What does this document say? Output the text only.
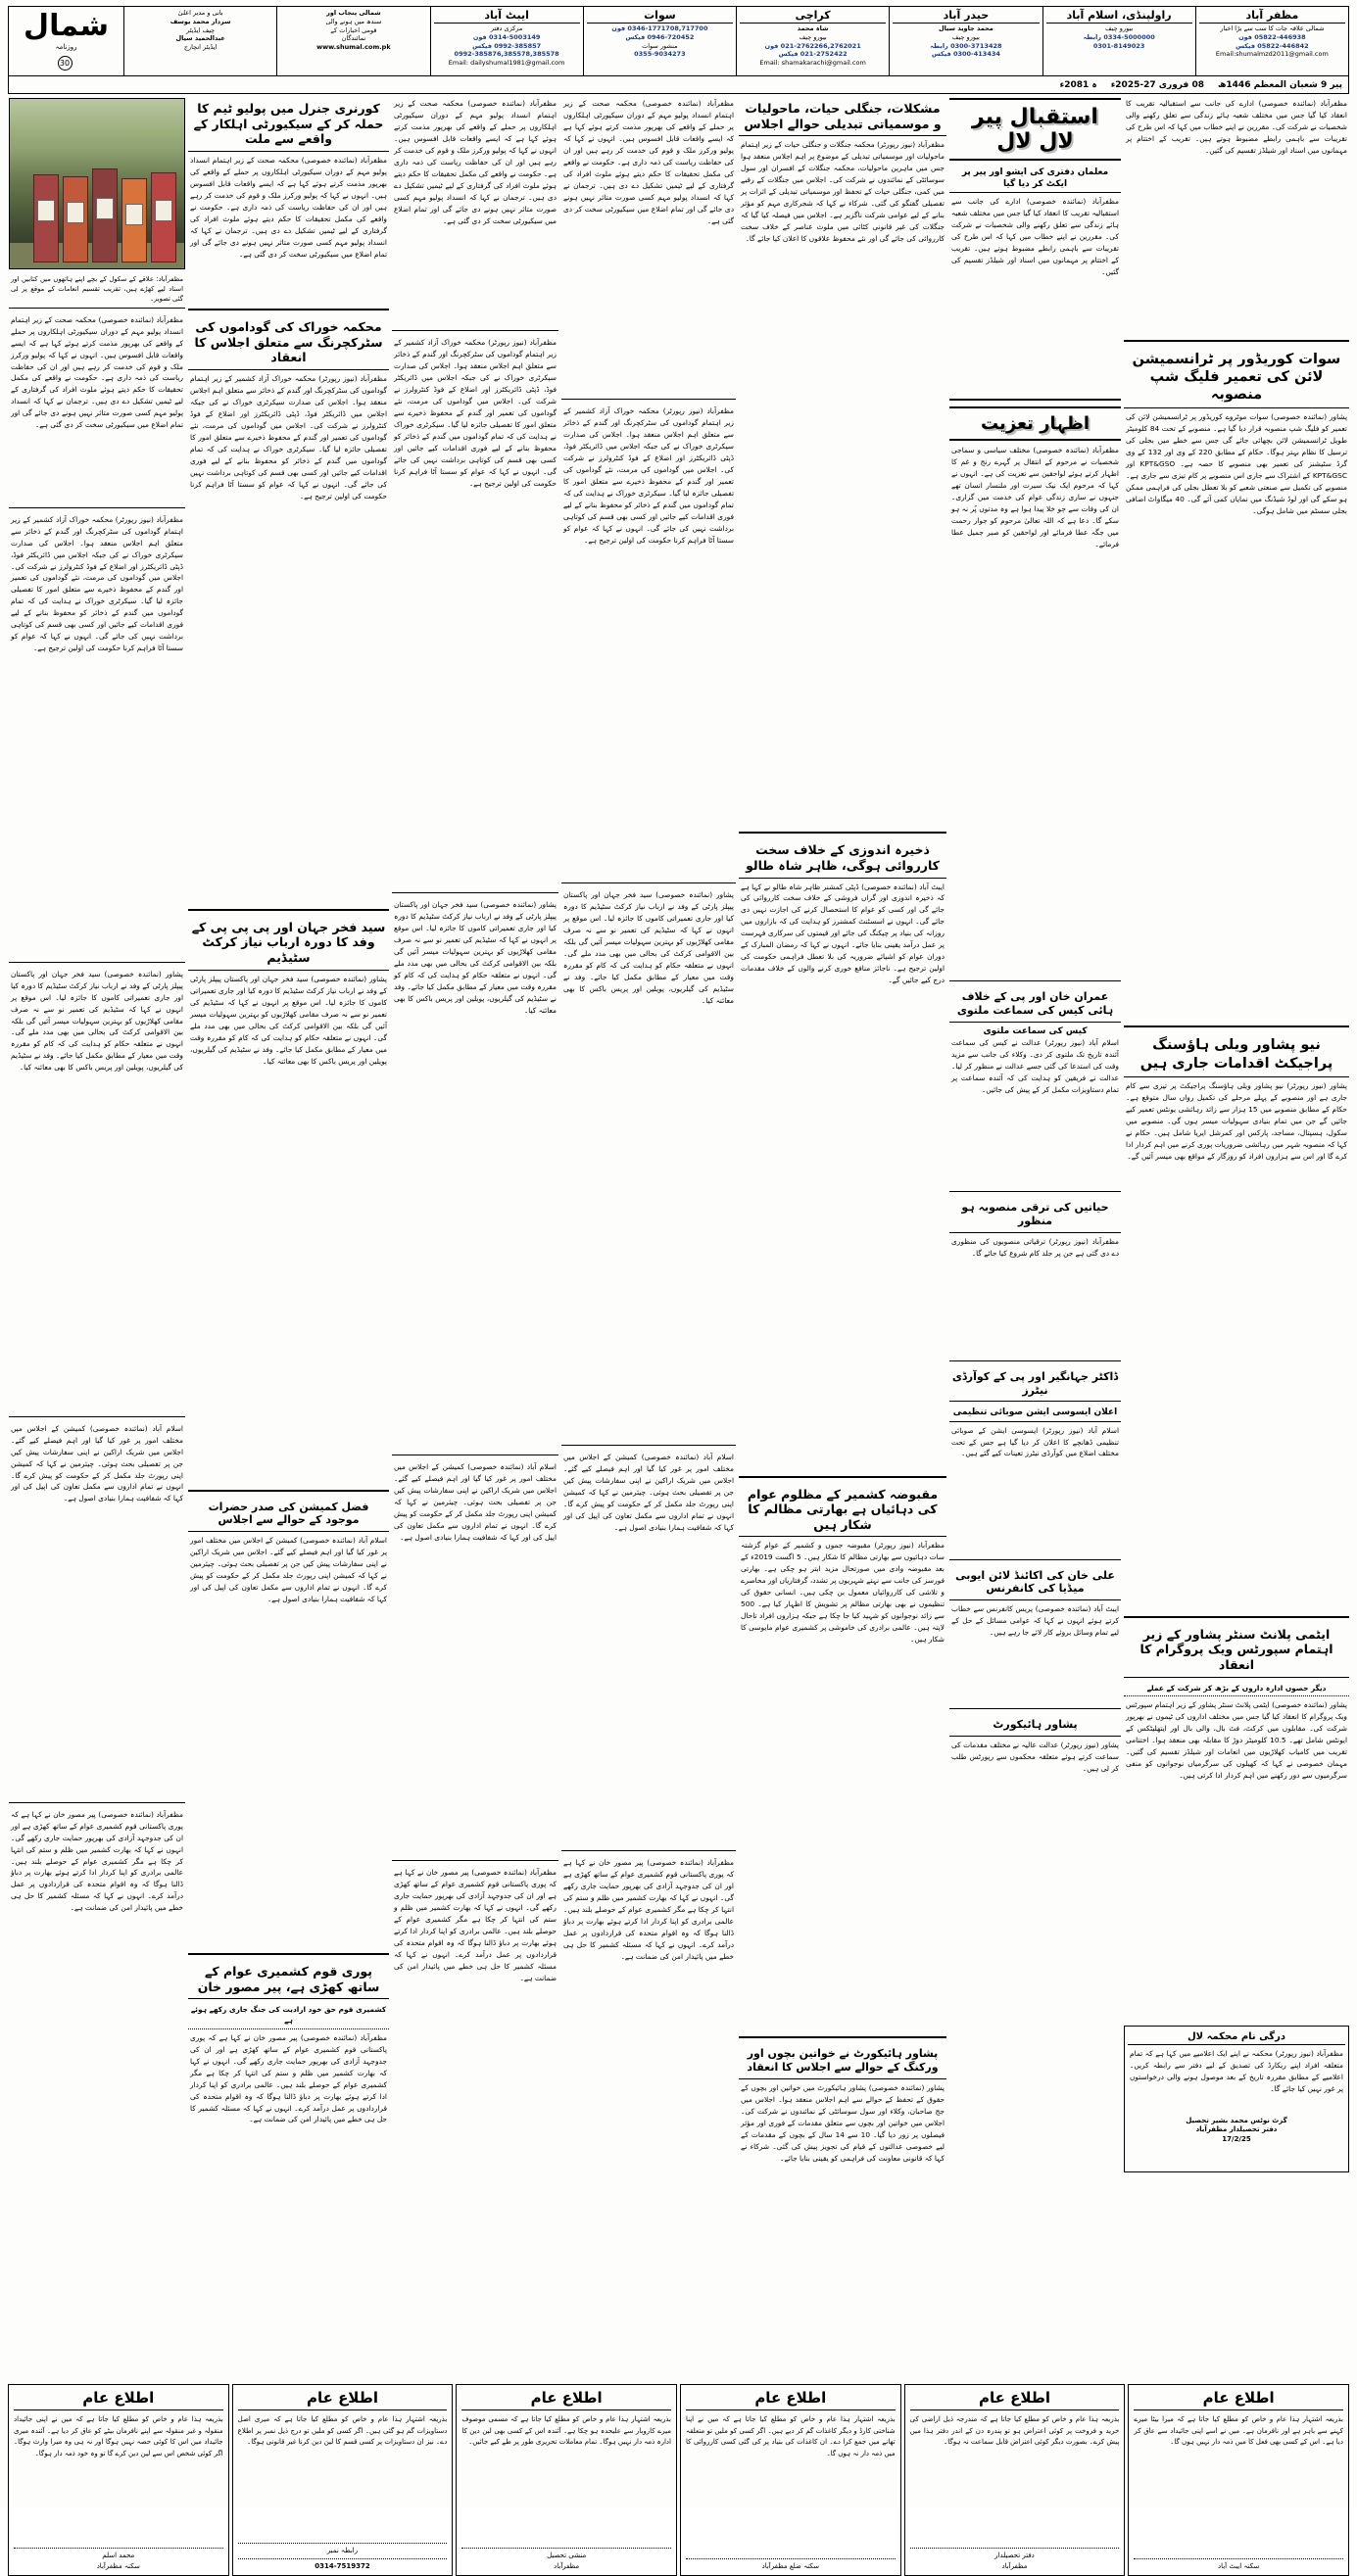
مظفر آباد
شمالی علاقہ جات کا سب سے بڑا اخبار
05822-446938 فون
05822-446842 فیکس
Email:shumalmzd2011@gmail.com
راولپنڈی، اسلام آباد
بیورو چیف
0334-5000000 رابطہ
0301-8149023
حیدر آباد
محمد جاوید سیال
بیورو چیف
0300-3713428 رابطہ
0300-413434 فیکس
کراچی
شاہ محمد
بیورو چیف
021-2762266,2762021 فون
021-2752422 فیکس
Email: shamakarachi@gmail.com
سوات
0346-1771708,717700 فون
0946-720452 فیکس
منشور سوات
0355-9034273
ایبٹ آباد
مرکزی دفتر
0314-5003149 فون
0992-385857 فیکس
0992-385876,385578,385578
Email: dailyshumal1981@gmail.com
شمالی پنجاب اور
سندھ میں ہونے والی
قومی اخبارات کے
نمائندگان
www.shumal.com.pk
بانی و مدیر اعلیٰ
سردار محمد یوسف
چیف ایڈیٹر
عبدالحمید سیال
ایڈیٹر انچارج
شمال
روزنامہ
30
پیر 9 شعبان المعظم 1446ھ
08 فروری 27-2025ء
ہ 2081ء
مظفرآباد (نمائندہ خصوصی) ادارے کی جانب سے استقبالیہ تقریب کا انعقاد کیا گیا جس میں مختلف شعبہ ہائے زندگی سے تعلق رکھنے والی شخصیات نے شرکت کی۔ مقررین نے اپنے خطاب میں کہا کہ اس طرح کی تقریبات سے باہمی رابطے مضبوط ہوتے ہیں۔ تقریب کے اختتام پر مہمانوں میں اسناد اور شیلڈز تقسیم کی گئیں۔
سوات کوریڈور پر ٹرانسمیشن لائن کی تعمیر فلیگ شپ منصوبہ
پشاور (نمائندہ خصوصی) سوات موٹروے کوریڈور پر ٹرانسمیشن لائن کی تعمیر کو فلیگ شپ منصوبہ قرار دیا گیا ہے۔ منصوبے کے تحت 84 کلومیٹر طویل ٹرانسمیشن لائن بچھائی جائے گی جس سے خطے میں بجلی کی ترسیل کا نظام بہتر ہوگا۔ حکام کے مطابق 220 کے وی اور 132 کے وی گرڈ سٹیشنز کی تعمیر بھی منصوبے کا حصہ ہے۔ KPT&GSO اور KPT&GSC کے اشتراک سے جاری اس منصوبے پر کام تیزی سے جاری ہے۔ منصوبے کی تکمیل سے صنعتی شعبے کو بلا تعطل بجلی کی فراہمی ممکن ہو سکے گی اور لوڈ شیڈنگ میں نمایاں کمی آئے گی۔ 40 میگاواٹ اضافی بجلی سسٹم میں شامل ہوگی۔
نیو پشاور ویلی ہاؤسنگ پراجیکٹ اقدامات جاری ہیں
پشاور (نیوز رپورٹر) نیو پشاور ویلی ہاؤسنگ پراجیکٹ پر تیزی سے کام جاری ہے اور منصوبے کے پہلے مرحلے کی تکمیل رواں سال متوقع ہے۔ حکام کے مطابق منصوبے میں 15 ہزار سے زائد رہائشی یونٹس تعمیر کیے جائیں گے جن میں تمام بنیادی سہولیات میسر ہوں گی۔ منصوبے میں سکول، ہسپتال، مساجد، پارکس اور کمرشل ایریا شامل ہیں۔ حکام نے کہا کہ منصوبہ شہر میں رہائشی ضروریات پوری کرنے میں اہم کردار ادا کرے گا اور اس سے ہزاروں افراد کو روزگار کے مواقع بھی میسر آئیں گے۔
ایٹمی پلانٹ سنٹر پشاور کے زیر اہتمام سپورٹس ویک پروگرام کا انعقاد
دیگر حصوں ادارہ داروں کے بڑھ کر شرکت کے عملے
پشاور (نمائندہ خصوصی) ایٹمی پلانٹ سنٹر پشاور کے زیر اہتمام سپورٹس ویک پروگرام کا انعقاد کیا گیا جس میں مختلف اداروں کی ٹیموں نے بھرپور شرکت کی۔ مقابلوں میں کرکٹ، فٹ بال، والی بال اور ایتھلیٹکس کے ایونٹس شامل تھے۔ 10.5 کلومیٹر دوڑ کا مقابلہ بھی منعقد ہوا۔ اختتامی تقریب میں کامیاب کھلاڑیوں میں انعامات اور شیلڈز تقسیم کی گئیں۔ مہمان خصوصی نے کہا کہ کھیلوں کی سرگرمیاں نوجوانوں کو منفی سرگرمیوں سے دور رکھنے میں اہم کردار ادا کرتی ہیں۔
درگی نام محکمہ لال
مظفرآباد (نیوز رپورٹر) محکمہ نے اپنے ایک اعلامیے میں کہا ہے کہ تمام متعلقہ افراد اپنے ریکارڈ کی تصدیق کے لیے دفتر سے رابطہ کریں۔ اعلامیے کے مطابق مقررہ تاریخ کے بعد موصول ہونے والی درخواستوں پر غور نہیں کیا جائے گا۔
گزٹ نوٹس محمد بشیر تحصیل
دفتر تحصیلدار مظفرآباد
17/2/25
استقبال پیر لال لال
معلمان دفتری کی ایشو اور پیر پر ایکٹ کر دیا گیا
مظفرآباد (نمائندہ خصوصی) ادارے کی جانب سے استقبالیہ تقریب کا انعقاد کیا گیا جس میں مختلف شعبہ ہائے زندگی سے تعلق رکھنے والی شخصیات نے شرکت کی۔ مقررین نے اپنے خطاب میں کہا کہ اس طرح کی تقریبات سے باہمی رابطے مضبوط ہوتے ہیں۔ تقریب کے اختتام پر مہمانوں میں اسناد اور شیلڈز تقسیم کی گئیں۔
اظہار تعزیت
مظفرآباد (نمائندہ خصوصی) مختلف سیاسی و سماجی شخصیات نے مرحوم کے انتقال پر گہرے رنج و غم کا اظہار کرتے ہوئے لواحقین سے تعزیت کی ہے۔ انہوں نے کہا کہ مرحوم ایک نیک سیرت اور ملنسار انسان تھے جنہوں نے ساری زندگی عوام کی خدمت میں گزاری۔ ان کی وفات سے جو خلا پیدا ہوا ہے وہ مدتوں پُر نہ ہو سکے گا۔ دعا ہے کہ اللہ تعالیٰ مرحوم کو جوار رحمت میں جگہ عطا فرمائے اور لواحقین کو صبر جمیل عطا فرمائے۔
عمران خان اور پی کے خلاف ہائی کیس کی سماعت ملتوی
کیس کی سماعت ملتوی
اسلام آباد (نیوز رپورٹر) عدالت نے کیس کی سماعت آئندہ تاریخ تک ملتوی کر دی۔ وکلاء کی جانب سے مزید وقت کی استدعا کی گئی جسے عدالت نے منظور کر لیا۔ عدالت نے فریقین کو ہدایت کی کہ آئندہ سماعت پر تمام دستاویزات مکمل کر کے پیش کی جائیں۔
حیاتیں کی ترقی منصوبہ ہو منظور
مظفرآباد (نیوز رپورٹر) ترقیاتی منصوبوں کی منظوری دے دی گئی ہے جن پر جلد کام شروع کیا جائے گا۔
ڈاکٹر جہانگیر اور پی کے کوآرڈی نیٹرز
اعلان ایسوسی ایشن صوبائی تنظیمی
اسلام آباد (نیوز رپورٹر) ایسوسی ایشن کے صوبائی تنظیمی ڈھانچے کا اعلان کر دیا گیا ہے جس کے تحت مختلف اضلاع میں کوآرڈی نیٹرز تعینات کیے گئے ہیں۔
علی خان کی اکائنڈ لائن ایوبی میڈیا کی کانفرنس
ایبٹ آباد (نمائندہ خصوصی) پریس کانفرنس سے خطاب کرتے ہوئے انہوں نے کہا کہ عوامی مسائل کے حل کے لیے تمام وسائل بروئے کار لائے جا رہے ہیں۔
پشاور ہائیکورٹ
پشاور (نیوز رپورٹر) عدالت عالیہ نے مختلف مقدمات کی سماعت کرتے ہوئے متعلقہ محکموں سے رپورٹس طلب کر لی ہیں۔
مشکلات، جنگلی حیات، ماحولیات و موسمیاتی تبدیلی حوالے اجلاس
مظفرآباد (نیوز رپورٹر) محکمہ جنگلات و جنگلی حیات کے زیر اہتمام ماحولیات اور موسمیاتی تبدیلی کے موضوع پر اہم اجلاس منعقد ہوا جس میں ماہرین ماحولیات، محکمہ جنگلات کے افسران اور سول سوسائٹی کے نمائندوں نے شرکت کی۔ اجلاس میں جنگلات کے رقبے میں کمی، جنگلی حیات کے تحفظ اور موسمیاتی تبدیلی کے اثرات پر تفصیلی گفتگو کی گئی۔ شرکاء نے کہا کہ شجرکاری مہم کو مؤثر بنانے کے لیے عوامی شرکت ناگزیر ہے۔ اجلاس میں فیصلہ کیا گیا کہ جنگلات کی غیر قانونی کٹائی میں ملوث عناصر کے خلاف سخت کارروائی کی جائے گی اور نئے محفوظ علاقوں کا اعلان کیا جائے گا۔
ذخیرہ اندوزی کے خلاف سخت کارروائی ہوگی، ظاہر شاہ طالو
ایبٹ آباد (نمائندہ خصوصی) ڈپٹی کمشنر ظاہر شاہ طالو نے کہا ہے کہ ذخیرہ اندوزی اور گراں فروشی کے خلاف سخت کارروائی کی جائے گی اور کسی کو عوام کا استحصال کرنے کی اجازت نہیں دی جائے گی۔ انہوں نے اسسٹنٹ کمشنرز کو ہدایت کی کہ بازاروں میں روزانہ کی بنیاد پر چیکنگ کی جائے اور قیمتوں کی سرکاری فہرست پر عمل درآمد یقینی بنایا جائے۔ انہوں نے کہا کہ رمضان المبارک کے دوران عوام کو اشیائے ضروریہ کی بلا تعطل فراہمی حکومت کی اولین ترجیح ہے۔ ناجائز منافع خوری کرنے والوں کے خلاف مقدمات درج کیے جائیں گے۔
مقبوضہ کشمیر کے مظلوم عوام کی دہائیاں ہے بھارتی مظالم کا شکار ہیں
مظفرآباد (نیوز رپورٹر) مقبوضہ جموں و کشمیر کے عوام گزشتہ سات دہائیوں سے بھارتی مظالم کا شکار ہیں۔ 5 اگست 2019ء کے بعد مقبوضہ وادی میں صورتحال مزید ابتر ہو چکی ہے۔ بھارتی فورسز کی جانب سے نہتے شہریوں پر تشدد، گرفتاریاں اور محاصرے و تلاشی کی کارروائیاں معمول بن چکی ہیں۔ انسانی حقوق کی تنظیموں نے بھی بھارتی مظالم پر تشویش کا اظہار کیا ہے۔ 500 سے زائد نوجوانوں کو شہید کیا جا چکا ہے جبکہ ہزاروں افراد تاحال لاپتہ ہیں۔ عالمی برادری کی خاموشی پر کشمیری عوام مایوسی کا شکار ہیں۔
پشاور ہائیکورٹ نے خواتین بچوں اور ورکنگ کے حوالے سے اجلاس کا انعقاد
پشاور (نمائندہ خصوصی) پشاور ہائیکورٹ میں خواتین اور بچوں کے حقوق کے تحفظ کے حوالے سے اہم اجلاس منعقد ہوا۔ اجلاس میں جج صاحبان، وکلاء اور سول سوسائٹی کے نمائندوں نے شرکت کی۔ اجلاس میں خواتین اور بچوں سے متعلق مقدمات کے فوری اور مؤثر فیصلوں پر زور دیا گیا۔ 10 سے 14 سال کے بچوں کے مقدمات کے لیے خصوصی عدالتوں کے قیام کی تجویز پیش کی گئی۔ شرکاء نے کہا کہ قانونی معاونت کی فراہمی کو یقینی بنایا جائے۔
مظفرآباد (نمائندہ خصوصی) محکمہ صحت کے زیر اہتمام انسداد پولیو مہم کے دوران سیکیورٹی اہلکاروں پر حملے کے واقعے کی بھرپور مذمت کرتے ہوئے کہا ہے کہ ایسے واقعات قابل افسوس ہیں۔ انہوں نے کہا کہ پولیو ورکرز ملک و قوم کی خدمت کر رہے ہیں اور ان کی حفاظت ریاست کی ذمہ داری ہے۔ حکومت نے واقعے کی مکمل تحقیقات کا حکم دیتے ہوئے ملوث افراد کی گرفتاری کے لیے ٹیمیں تشکیل دے دی ہیں۔ ترجمان نے کہا کہ انسداد پولیو مہم کسی صورت متاثر نہیں ہونے دی جائے گی اور تمام اضلاع میں سیکیورٹی سخت کر دی گئی ہے۔
مظفرآباد (نیوز رپورٹر) محکمہ خوراک آزاد کشمیر کے زیر اہتمام گوداموں کی سٹرکچرنگ اور گندم کے ذخائر سے متعلق اہم اجلاس منعقد ہوا۔ اجلاس کی صدارت سیکرٹری خوراک نے کی جبکہ اجلاس میں ڈائریکٹر فوڈ، ڈپٹی ڈائریکٹرز اور اضلاع کے فوڈ کنٹرولرز نے شرکت کی۔ اجلاس میں گوداموں کی مرمت، نئے گوداموں کی تعمیر اور گندم کے محفوظ ذخیرے سے متعلق امور کا تفصیلی جائزہ لیا گیا۔ سیکرٹری خوراک نے ہدایت کی کہ تمام گوداموں میں گندم کے ذخائر کو محفوظ بنانے کے لیے فوری اقدامات کیے جائیں اور کسی بھی قسم کی کوتاہی برداشت نہیں کی جائے گی۔ انہوں نے کہا کہ عوام کو سستا آٹا فراہم کرنا حکومت کی اولین ترجیح ہے۔
پشاور (نمائندہ خصوصی) سید فخر جہان اور پاکستان پیپلز پارٹی کے وفد نے ارباب نیاز کرکٹ سٹیڈیم کا دورہ کیا اور جاری تعمیراتی کاموں کا جائزہ لیا۔ اس موقع پر انہوں نے کہا کہ سٹیڈیم کی تعمیر نو سے نہ صرف مقامی کھلاڑیوں کو بہترین سہولیات میسر آئیں گی بلکہ بین الاقوامی کرکٹ کی بحالی میں بھی مدد ملے گی۔ انہوں نے متعلقہ حکام کو ہدایت کی کہ کام کو مقررہ وقت میں معیار کے مطابق مکمل کیا جائے۔ وفد نے سٹیڈیم کی گیلریوں، پویلین اور پریس باکس کا بھی معائنہ کیا۔
اسلام آباد (نمائندہ خصوصی) کمیشن کے اجلاس میں مختلف امور پر غور کیا گیا اور اہم فیصلے کیے گئے۔ اجلاس میں شریک اراکین نے اپنی سفارشات پیش کیں جن پر تفصیلی بحث ہوئی۔ چیئرمین نے کہا کہ کمیشن اپنی رپورٹ جلد مکمل کر کے حکومت کو پیش کرے گا۔ انہوں نے تمام اداروں سے مکمل تعاون کی اپیل کی اور کہا کہ شفافیت ہمارا بنیادی اصول ہے۔
مظفرآباد (نمائندہ خصوصی) پیر مصور خان نے کہا ہے کہ پوری پاکستانی قوم کشمیری عوام کے ساتھ کھڑی ہے اور ان کی جدوجہد آزادی کی بھرپور حمایت جاری رکھے گی۔ انہوں نے کہا کہ بھارت کشمیر میں ظلم و ستم کی انتہا کر چکا ہے مگر کشمیری عوام کے حوصلے بلند ہیں۔ عالمی برادری کو اپنا کردار ادا کرتے ہوئے بھارت پر دباؤ ڈالنا ہوگا کہ وہ اقوام متحدہ کی قراردادوں پر عمل درآمد کرے۔ انہوں نے کہا کہ مسئلہ کشمیر کا حل ہی خطے میں پائیدار امن کی ضمانت ہے۔
مظفرآباد (نمائندہ خصوصی) محکمہ صحت کے زیر اہتمام انسداد پولیو مہم کے دوران سیکیورٹی اہلکاروں پر حملے کے واقعے کی بھرپور مذمت کرتے ہوئے کہا ہے کہ ایسے واقعات قابل افسوس ہیں۔ انہوں نے کہا کہ پولیو ورکرز ملک و قوم کی خدمت کر رہے ہیں اور ان کی حفاظت ریاست کی ذمہ داری ہے۔ حکومت نے واقعے کی مکمل تحقیقات کا حکم دیتے ہوئے ملوث افراد کی گرفتاری کے لیے ٹیمیں تشکیل دے دی ہیں۔ ترجمان نے کہا کہ انسداد پولیو مہم کسی صورت متاثر نہیں ہونے دی جائے گی اور تمام اضلاع میں سیکیورٹی سخت کر دی گئی ہے۔
مظفرآباد (نیوز رپورٹر) محکمہ خوراک آزاد کشمیر کے زیر اہتمام گوداموں کی سٹرکچرنگ اور گندم کے ذخائر سے متعلق اہم اجلاس منعقد ہوا۔ اجلاس کی صدارت سیکرٹری خوراک نے کی جبکہ اجلاس میں ڈائریکٹر فوڈ، ڈپٹی ڈائریکٹرز اور اضلاع کے فوڈ کنٹرولرز نے شرکت کی۔ اجلاس میں گوداموں کی مرمت، نئے گوداموں کی تعمیر اور گندم کے محفوظ ذخیرے سے متعلق امور کا تفصیلی جائزہ لیا گیا۔ سیکرٹری خوراک نے ہدایت کی کہ تمام گوداموں میں گندم کے ذخائر کو محفوظ بنانے کے لیے فوری اقدامات کیے جائیں اور کسی بھی قسم کی کوتاہی برداشت نہیں کی جائے گی۔ انہوں نے کہا کہ عوام کو سستا آٹا فراہم کرنا حکومت کی اولین ترجیح ہے۔
پشاور (نمائندہ خصوصی) سید فخر جہان اور پاکستان پیپلز پارٹی کے وفد نے ارباب نیاز کرکٹ سٹیڈیم کا دورہ کیا اور جاری تعمیراتی کاموں کا جائزہ لیا۔ اس موقع پر انہوں نے کہا کہ سٹیڈیم کی تعمیر نو سے نہ صرف مقامی کھلاڑیوں کو بہترین سہولیات میسر آئیں گی بلکہ بین الاقوامی کرکٹ کی بحالی میں بھی مدد ملے گی۔ انہوں نے متعلقہ حکام کو ہدایت کی کہ کام کو مقررہ وقت میں معیار کے مطابق مکمل کیا جائے۔ وفد نے سٹیڈیم کی گیلریوں، پویلین اور پریس باکس کا بھی معائنہ کیا۔
اسلام آباد (نمائندہ خصوصی) کمیشن کے اجلاس میں مختلف امور پر غور کیا گیا اور اہم فیصلے کیے گئے۔ اجلاس میں شریک اراکین نے اپنی سفارشات پیش کیں جن پر تفصیلی بحث ہوئی۔ چیئرمین نے کہا کہ کمیشن اپنی رپورٹ جلد مکمل کر کے حکومت کو پیش کرے گا۔ انہوں نے تمام اداروں سے مکمل تعاون کی اپیل کی اور کہا کہ شفافیت ہمارا بنیادی اصول ہے۔
مظفرآباد (نمائندہ خصوصی) پیر مصور خان نے کہا ہے کہ پوری پاکستانی قوم کشمیری عوام کے ساتھ کھڑی ہے اور ان کی جدوجہد آزادی کی بھرپور حمایت جاری رکھے گی۔ انہوں نے کہا کہ بھارت کشمیر میں ظلم و ستم کی انتہا کر چکا ہے مگر کشمیری عوام کے حوصلے بلند ہیں۔ عالمی برادری کو اپنا کردار ادا کرتے ہوئے بھارت پر دباؤ ڈالنا ہوگا کہ وہ اقوام متحدہ کی قراردادوں پر عمل درآمد کرے۔ انہوں نے کہا کہ مسئلہ کشمیر کا حل ہی خطے میں پائیدار امن کی ضمانت ہے۔
کورنری جنرل میں پولیو ٹیم کا حملہ کر کے سیکیورٹی اہلکار کے واقعے سے ملت
مظفرآباد (نمائندہ خصوصی) محکمہ صحت کے زیر اہتمام انسداد پولیو مہم کے دوران سیکیورٹی اہلکاروں پر حملے کے واقعے کی بھرپور مذمت کرتے ہوئے کہا ہے کہ ایسے واقعات قابل افسوس ہیں۔ انہوں نے کہا کہ پولیو ورکرز ملک و قوم کی خدمت کر رہے ہیں اور ان کی حفاظت ریاست کی ذمہ داری ہے۔ حکومت نے واقعے کی مکمل تحقیقات کا حکم دیتے ہوئے ملوث افراد کی گرفتاری کے لیے ٹیمیں تشکیل دے دی ہیں۔ ترجمان نے کہا کہ انسداد پولیو مہم کسی صورت متاثر نہیں ہونے دی جائے گی اور تمام اضلاع میں سیکیورٹی سخت کر دی گئی ہے۔
محکمہ خوراک کی گوداموں کی سٹرکچرنگ سے متعلق اجلاس کا انعقاد
مظفرآباد (نیوز رپورٹر) محکمہ خوراک آزاد کشمیر کے زیر اہتمام گوداموں کی سٹرکچرنگ اور گندم کے ذخائر سے متعلق اہم اجلاس منعقد ہوا۔ اجلاس کی صدارت سیکرٹری خوراک نے کی جبکہ اجلاس میں ڈائریکٹر فوڈ، ڈپٹی ڈائریکٹرز اور اضلاع کے فوڈ کنٹرولرز نے شرکت کی۔ اجلاس میں گوداموں کی مرمت، نئے گوداموں کی تعمیر اور گندم کے محفوظ ذخیرے سے متعلق امور کا تفصیلی جائزہ لیا گیا۔ سیکرٹری خوراک نے ہدایت کی کہ تمام گوداموں میں گندم کے ذخائر کو محفوظ بنانے کے لیے فوری اقدامات کیے جائیں اور کسی بھی قسم کی کوتاہی برداشت نہیں کی جائے گی۔ انہوں نے کہا کہ عوام کو سستا آٹا فراہم کرنا حکومت کی اولین ترجیح ہے۔
سید فخر جہان اور پی پی پی کے وفد کا دورہ ارباب نیاز کرکٹ سٹیڈیم
پشاور (نمائندہ خصوصی) سید فخر جہان اور پاکستان پیپلز پارٹی کے وفد نے ارباب نیاز کرکٹ سٹیڈیم کا دورہ کیا اور جاری تعمیراتی کاموں کا جائزہ لیا۔ اس موقع پر انہوں نے کہا کہ سٹیڈیم کی تعمیر نو سے نہ صرف مقامی کھلاڑیوں کو بہترین سہولیات میسر آئیں گی بلکہ بین الاقوامی کرکٹ کی بحالی میں بھی مدد ملے گی۔ انہوں نے متعلقہ حکام کو ہدایت کی کہ کام کو مقررہ وقت میں معیار کے مطابق مکمل کیا جائے۔ وفد نے سٹیڈیم کی گیلریوں، پویلین اور پریس باکس کا بھی معائنہ کیا۔
فضل کمیشن کی صدر حضرات موجود کے حوالے سے اجلاس
اسلام آباد (نمائندہ خصوصی) کمیشن کے اجلاس میں مختلف امور پر غور کیا گیا اور اہم فیصلے کیے گئے۔ اجلاس میں شریک اراکین نے اپنی سفارشات پیش کیں جن پر تفصیلی بحث ہوئی۔ چیئرمین نے کہا کہ کمیشن اپنی رپورٹ جلد مکمل کر کے حکومت کو پیش کرے گا۔ انہوں نے تمام اداروں سے مکمل تعاون کی اپیل کی اور کہا کہ شفافیت ہمارا بنیادی اصول ہے۔
پوری قوم کشمیری عوام کے ساتھ کھڑی ہے، پیر مصور خان
کشمیری قوم حق خود ارادیت کی جنگ جاری رکھے ہوئے ہے
مظفرآباد (نمائندہ خصوصی) پیر مصور خان نے کہا ہے کہ پوری پاکستانی قوم کشمیری عوام کے ساتھ کھڑی ہے اور ان کی جدوجہد آزادی کی بھرپور حمایت جاری رکھے گی۔ انہوں نے کہا کہ بھارت کشمیر میں ظلم و ستم کی انتہا کر چکا ہے مگر کشمیری عوام کے حوصلے بلند ہیں۔ عالمی برادری کو اپنا کردار ادا کرتے ہوئے بھارت پر دباؤ ڈالنا ہوگا کہ وہ اقوام متحدہ کی قراردادوں پر عمل درآمد کرے۔ انہوں نے کہا کہ مسئلہ کشمیر کا حل ہی خطے میں پائیدار امن کی ضمانت ہے۔
مظفرآباد: علاقے کے سکول کے بچے اپنے ہاتھوں میں کتابیں اور اسناد لیے کھڑے ہیں، تقریب تقسیم انعامات کے موقع پر لی گئی تصویر۔
مظفرآباد (نمائندہ خصوصی) محکمہ صحت کے زیر اہتمام انسداد پولیو مہم کے دوران سیکیورٹی اہلکاروں پر حملے کے واقعے کی بھرپور مذمت کرتے ہوئے کہا ہے کہ ایسے واقعات قابل افسوس ہیں۔ انہوں نے کہا کہ پولیو ورکرز ملک و قوم کی خدمت کر رہے ہیں اور ان کی حفاظت ریاست کی ذمہ داری ہے۔ حکومت نے واقعے کی مکمل تحقیقات کا حکم دیتے ہوئے ملوث افراد کی گرفتاری کے لیے ٹیمیں تشکیل دے دی ہیں۔ ترجمان نے کہا کہ انسداد پولیو مہم کسی صورت متاثر نہیں ہونے دی جائے گی اور تمام اضلاع میں سیکیورٹی سخت کر دی گئی ہے۔
مظفرآباد (نیوز رپورٹر) محکمہ خوراک آزاد کشمیر کے زیر اہتمام گوداموں کی سٹرکچرنگ اور گندم کے ذخائر سے متعلق اہم اجلاس منعقد ہوا۔ اجلاس کی صدارت سیکرٹری خوراک نے کی جبکہ اجلاس میں ڈائریکٹر فوڈ، ڈپٹی ڈائریکٹرز اور اضلاع کے فوڈ کنٹرولرز نے شرکت کی۔ اجلاس میں گوداموں کی مرمت، نئے گوداموں کی تعمیر اور گندم کے محفوظ ذخیرے سے متعلق امور کا تفصیلی جائزہ لیا گیا۔ سیکرٹری خوراک نے ہدایت کی کہ تمام گوداموں میں گندم کے ذخائر کو محفوظ بنانے کے لیے فوری اقدامات کیے جائیں اور کسی بھی قسم کی کوتاہی برداشت نہیں کی جائے گی۔ انہوں نے کہا کہ عوام کو سستا آٹا فراہم کرنا حکومت کی اولین ترجیح ہے۔
پشاور (نمائندہ خصوصی) سید فخر جہان اور پاکستان پیپلز پارٹی کے وفد نے ارباب نیاز کرکٹ سٹیڈیم کا دورہ کیا اور جاری تعمیراتی کاموں کا جائزہ لیا۔ اس موقع پر انہوں نے کہا کہ سٹیڈیم کی تعمیر نو سے نہ صرف مقامی کھلاڑیوں کو بہترین سہولیات میسر آئیں گی بلکہ بین الاقوامی کرکٹ کی بحالی میں بھی مدد ملے گی۔ انہوں نے متعلقہ حکام کو ہدایت کی کہ کام کو مقررہ وقت میں معیار کے مطابق مکمل کیا جائے۔ وفد نے سٹیڈیم کی گیلریوں، پویلین اور پریس باکس کا بھی معائنہ کیا۔
اسلام آباد (نمائندہ خصوصی) کمیشن کے اجلاس میں مختلف امور پر غور کیا گیا اور اہم فیصلے کیے گئے۔ اجلاس میں شریک اراکین نے اپنی سفارشات پیش کیں جن پر تفصیلی بحث ہوئی۔ چیئرمین نے کہا کہ کمیشن اپنی رپورٹ جلد مکمل کر کے حکومت کو پیش کرے گا۔ انہوں نے تمام اداروں سے مکمل تعاون کی اپیل کی اور کہا کہ شفافیت ہمارا بنیادی اصول ہے۔
مظفرآباد (نمائندہ خصوصی) پیر مصور خان نے کہا ہے کہ پوری پاکستانی قوم کشمیری عوام کے ساتھ کھڑی ہے اور ان کی جدوجہد آزادی کی بھرپور حمایت جاری رکھے گی۔ انہوں نے کہا کہ بھارت کشمیر میں ظلم و ستم کی انتہا کر چکا ہے مگر کشمیری عوام کے حوصلے بلند ہیں۔ عالمی برادری کو اپنا کردار ادا کرتے ہوئے بھارت پر دباؤ ڈالنا ہوگا کہ وہ اقوام متحدہ کی قراردادوں پر عمل درآمد کرے۔ انہوں نے کہا کہ مسئلہ کشمیر کا حل ہی خطے میں پائیدار امن کی ضمانت ہے۔
اطلاع عام
بذریعہ اشتہار ہذا عام و خاص کو مطلع کیا جاتا ہے کہ میرا بیٹا میرے کہنے سے باہر ہے اور نافرمان ہے۔ میں نے اسے اپنی جائیداد سے عاق کر دیا ہے۔ اس کے کسی بھی فعل کا میں ذمہ دار نہیں ہوں گا۔
سکنہ ایبٹ آباد
اطلاع عام
بذریعہ ہذا عام و خاص کو مطلع کیا جاتا ہے کہ مندرجہ ذیل اراضی کی خرید و فروخت پر کوئی اعتراض ہو تو پندرہ دن کے اندر دفتر ہذا میں پیش کرے۔ بصورت دیگر کوئی اعتراض قابل سماعت نہ ہوگا۔
دفتر تحصیلدار
مظفرآباد
اطلاع عام
بذریعہ اشتہار ہذا عام و خاص کو مطلع کیا جاتا ہے کہ میں نے اپنا شناختی کارڈ و دیگر کاغذات گم کر دیے ہیں۔ اگر کسی کو ملیں تو متعلقہ تھانے میں جمع کرا دے۔ ان کاغذات کی بنیاد پر کی گئی کسی کارروائی کا میں ذمہ دار نہ ہوں گا۔
سکنہ ضلع مظفرآباد
اطلاع عام
بذریعہ اشتہار ہذا عام و خاص کو مطلع کیا جاتا ہے کہ مسمی موصوف میرے کاروبار سے علیحدہ ہو چکا ہے۔ آئندہ اس کے کسی بھی لین دین کا ادارہ ذمہ دار نہیں ہوگا۔ تمام معاملات تحریری طور پر طے کیے جائیں۔
منشی تحصیل
مظفرآباد
اطلاع عام
بذریعہ اشتہار ہذا عام و خاص کو مطلع کیا جاتا ہے کہ میری اصل دستاویزات گم ہو گئی ہیں۔ اگر کسی کو ملیں تو درج ذیل نمبر پر اطلاع دے۔ نیز ان دستاویزات پر کسی قسم کا لین دین کرنا غیر قانونی ہوگا۔
رابطہ نمبر
0314-7519372
اطلاع عام
بذریعہ ہذا عام و خاص کو مطلع کیا جاتا ہے کہ میں نے اپنی جائیداد منقولہ و غیر منقولہ سے اپنے نافرمان بیٹے کو عاق کر دیا ہے۔ آئندہ میری جائیداد میں اس کا کوئی حصہ نہیں ہوگا اور نہ ہی وہ میرا وارث ہوگا۔ اگر کوئی شخص اس سے لین دین کرے گا تو وہ خود ذمہ دار ہوگا۔
محمد اسلم
سکنہ مظفرآباد
